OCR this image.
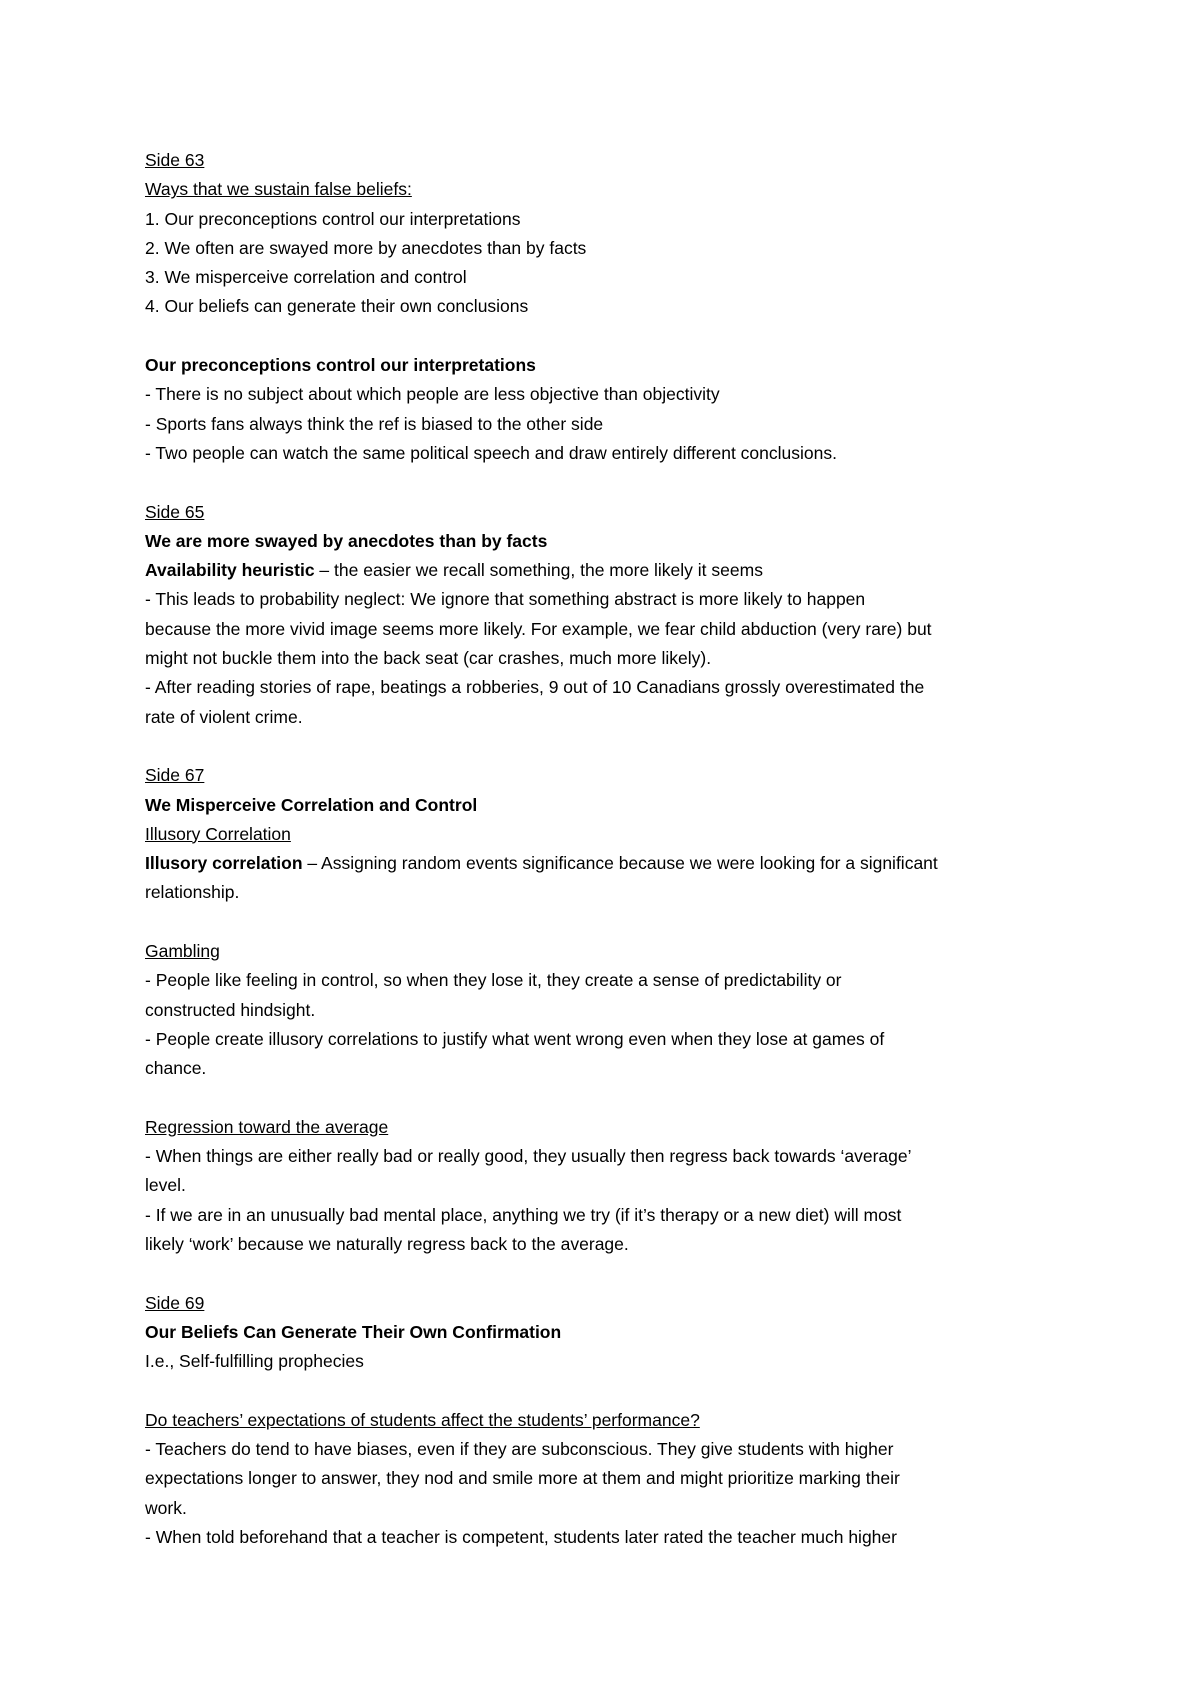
Side 63
Ways that we sustain false beliefs:
1. Our preconceptions control our interpretations
2. We often are swayed more by anecdotes than by facts
3. We misperceive correlation and control
4. Our beliefs can generate their own conclusions
Our preconceptions control our interpretations
- There is no subject about which people are less objective than objectivity
- Sports fans always think the ref is biased to the other side
- Two people can watch the same political speech and draw entirely different conclusions.
Side 65
We are more swayed by anecdotes than by facts
Availability heuristic – the easier we recall something, the more likely it seems
- This leads to probability neglect: We ignore that something abstract is more likely to happen
because the more vivid image seems more likely. For example, we fear child abduction (very rare) but
might not buckle them into the back seat (car crashes, much more likely).
- After reading stories of rape, beatings a robberies, 9 out of 10 Canadians grossly overestimated the
rate of violent crime.
Side 67
We Misperceive Correlation and Control
Illusory Correlation
Illusory correlation – Assigning random events significance because we were looking for a significant
relationship.
Gambling
- People like feeling in control, so when they lose it, they create a sense of predictability or
constructed hindsight.
- People create illusory correlations to justify what went wrong even when they lose at games of
chance.
Regression toward the average
- When things are either really bad or really good, they usually then regress back towards ‘average’
level.
- If we are in an unusually bad mental place, anything we try (if it’s therapy or a new diet) will most
likely ‘work’ because we naturally regress back to the average.
Side 69
Our Beliefs Can Generate Their Own Confirmation
I.e., Self-fulfilling prophecies
Do teachers’ expectations of students affect the students’ performance?
- Teachers do tend to have biases, even if they are subconscious. They give students with higher
expectations longer to answer, they nod and smile more at them and might prioritize marking their
work.
- When told beforehand that a teacher is competent, students later rated the teacher much higher
